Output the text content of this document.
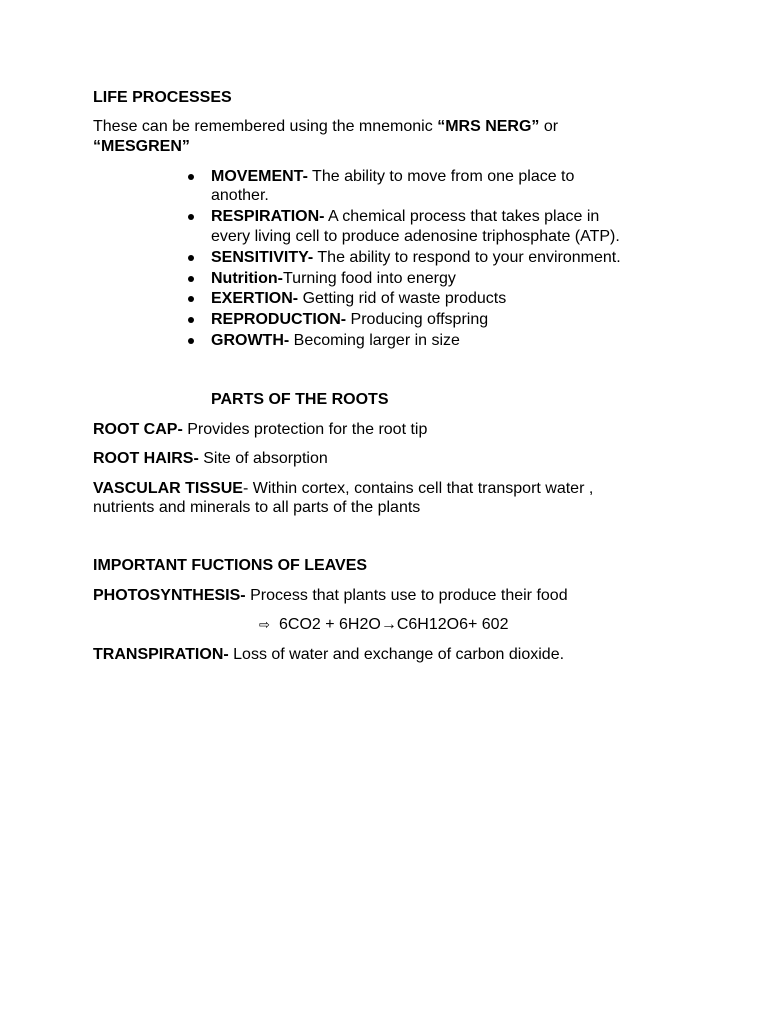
LIFE PROCESSES
These can be remembered using the mnemonic “MRS NERG” or
“MESGREN”
MOVEMENT- The ability to move from one place to
another.
RESPIRATION- A chemical process that takes place in
every living cell to produce adenosine triphosphate (ATP).
SENSITIVITY- The ability to respond to your environment.
Nutrition-Turning food into energy
EXERTION- Getting rid of waste products
REPRODUCTION- Producing offspring
GROWTH- Becoming larger in size
PARTS OF THE ROOTS
ROOT CAP- Provides protection for the root tip
ROOT HAIRS- Site of absorption
VASCULAR TISSUE- Within cortex, contains cell that transport water ,
nutrients and minerals to all parts of the plants
IMPORTANT FUCTIONS OF LEAVES
PHOTOSYNTHESIS- Process that plants use to produce their food
⇨ 6CO2 + 6H2O→C6H12O6+ 602
TRANSPIRATION- Loss of water and exchange of carbon dioxide.
